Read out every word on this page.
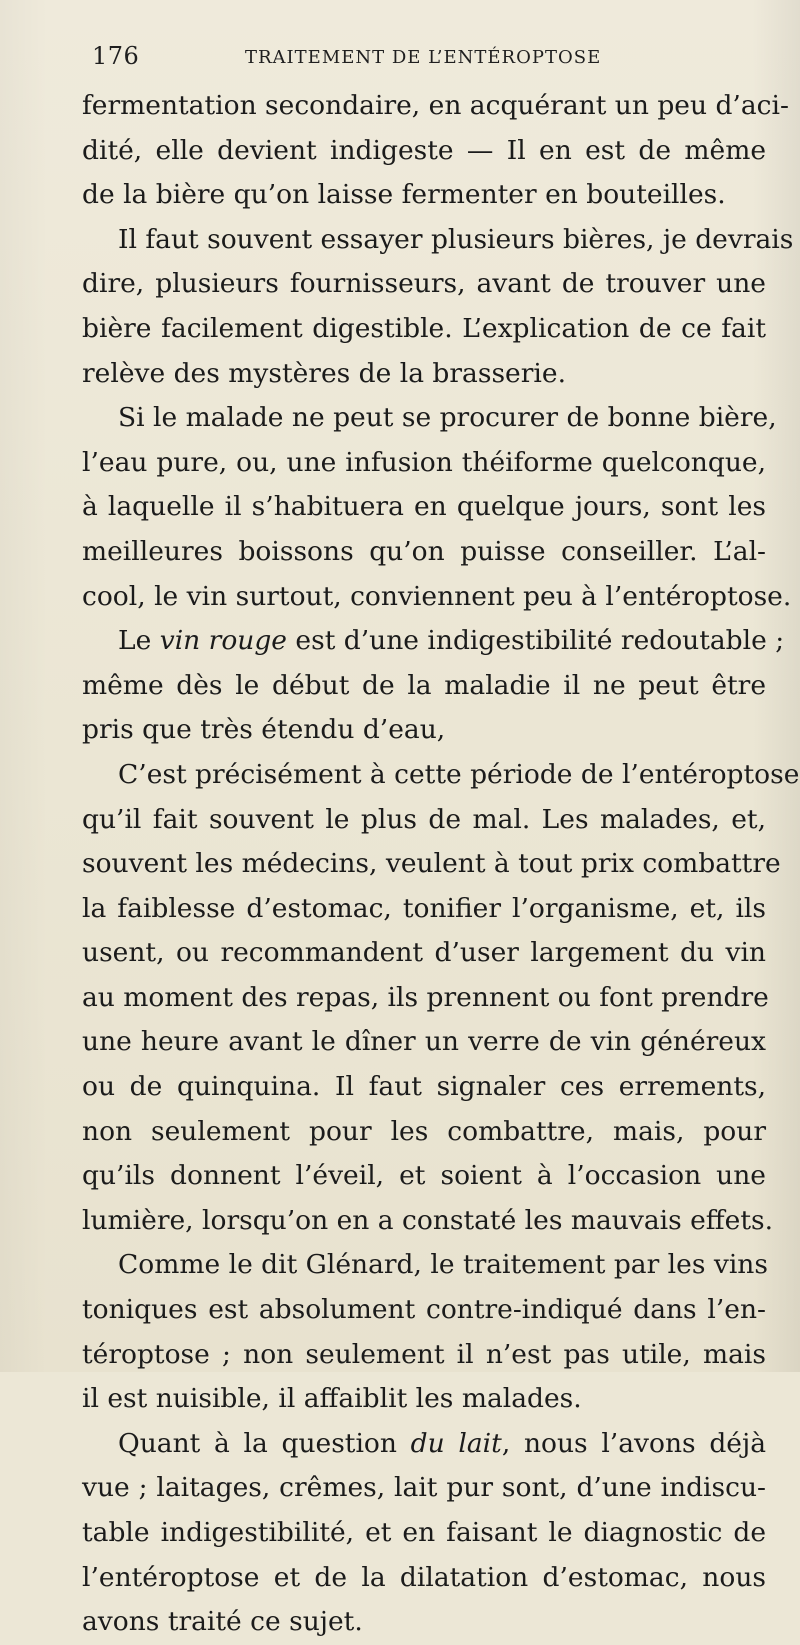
176	TRAITEMENT DE L’ENTÉROPTOSE
fermentation secondaire, en acquérant un peu d’aci-
dité, elle devient indigeste — Il en est de même
de la bière qu’on laisse fermenter en bouteilles.
Il faut souvent essayer plusieurs bières, je devrais
dire, plusieurs fournisseurs, avant de trouver une
bière facilement digestible. L’explication de ce fait
relève des mystères de la brasserie.
Si le malade ne peut se procurer de bonne bière,
l’eau pure, ou, une infusion théiforme quelconque,
à laquelle il s’habituera en quelque jours, sont les
meilleures boissons qu’on puisse conseiller. L’al-
cool, le vin surtout, conviennent peu à l’entéroptose.
Le vin rouge est d’une indigestibilité redoutable ;
même dès le début de la maladie il ne peut être
pris que très étendu d’eau,
C’est précisément à cette période de l’entéroptose
qu’il fait souvent le plus de mal. Les malades, et,
souvent les médecins, veulent à tout prix combattre
la faiblesse d’estomac, tonifier l’organisme, et, ils
usent, ou recommandent d’user largement du vin
au moment des repas, ils prennent ou font prendre
une heure avant le dîner un verre de vin généreux
ou de quinquina. Il faut signaler ces errements,
non seulement pour les combattre, mais, pour
qu’ils donnent l’éveil, et soient à l’occasion une
lumière, lorsqu’on en a constaté les mauvais effets.
Comme le dit Glénard, le traitement par les vins
toniques est absolument contre-indiqué dans l’en-
téroptose ; non seulement il n’est pas utile, mais
il est nuisible, il affaiblit les malades.
Quant à la question du lait, nous l’avons déjà
vue ; laitages, crêmes, lait pur sont, d’une indiscu-
table indigestibilité, et en faisant le diagnostic de
l’entéroptose et de la dilatation d’estomac, nous
avons traité ce sujet.
